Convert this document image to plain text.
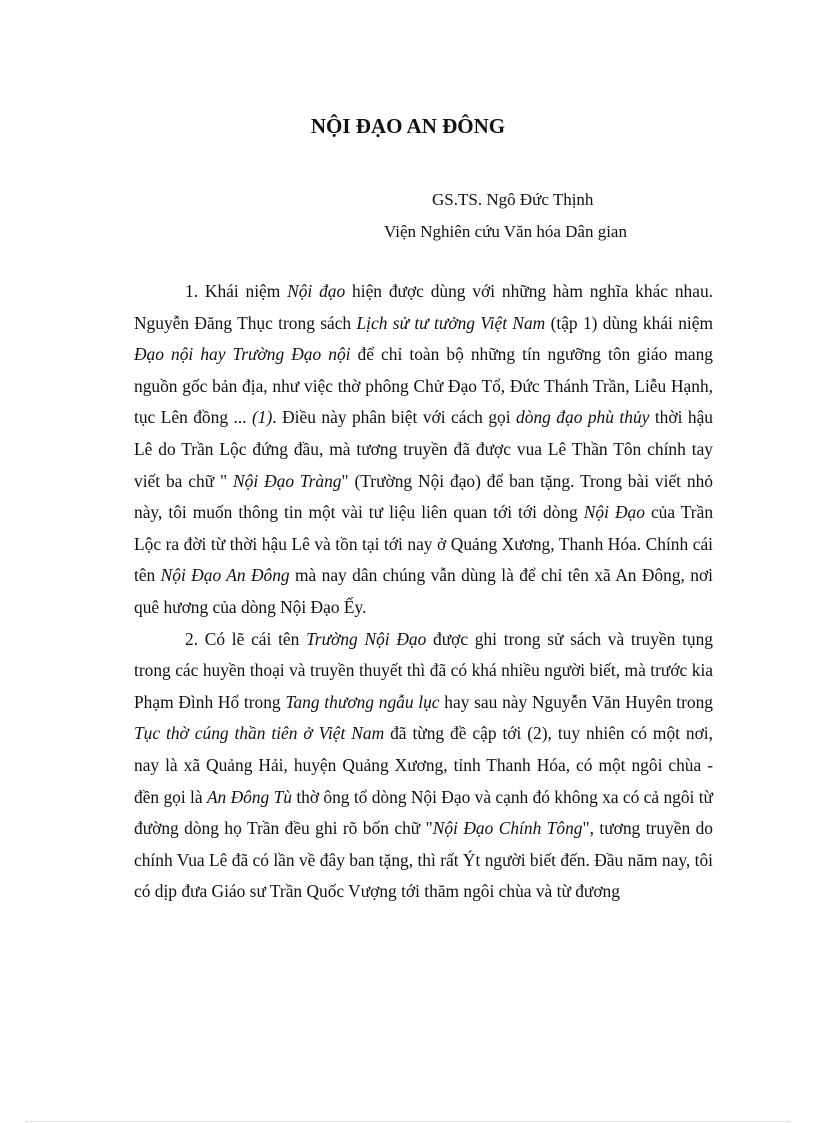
NỘI ĐẠO AN ĐÔNG
GS.TS. Ngô Đức Thịnh
Viện Nghiên cứu Văn hóa Dân gian

1. Khái niệm Nội đạo hiện được dùng với những hàm nghĩa khác nhau. Nguyễn Đăng Thục trong sách Lịch sử tư tưởng Việt Nam (tập 1) dùng khái niệm Đạo nội hay Trường Đạo nội để chỉ toàn bộ những tín ngưỡng tôn giáo mang nguồn gốc bản địa, như việc thờ phông Chử Đạo Tổ, Đức Thánh Trần, Liễu Hạnh, tục Lên đồng ... (1). Điều này phân biệt với cách gọi dòng đạo phù thủy thời hậu Lê do Trần Lộc đứng đầu, mà tương truyền đã được vua Lê Thần Tôn chính tay viết ba chữ " Nội Đạo Tràng" (Trường Nội đạo) để ban tặng. Trong bài viết nhỏ này, tôi muốn thông tin một vài tư liệu liên quan tới tới dòng Nội Đạo của Trần Lộc ra đời từ thời hậu Lê và tồn tại tới nay ở Quảng Xương, Thanh Hóa. Chính cái tên Nội Đạo An Đông mà nay dân chúng vẫn dùng là để chỉ tên xã An Đông, nơi quê hương của dòng Nội Đạo Ếy.

2. Có lẽ cái tên Trường Nội Đạo được ghi trong sử sách và truyền tụng trong các huyền thoại và truyền thuyết thì đã có khá nhiều người biết, mà trước kia Phạm Đình Hổ trong Tang thương ngẫu lục hay sau này Nguyễn Văn Huyên trong Tục thờ cúng thần tiên ở Việt Nam đã từng đề cập tới (2), tuy nhiên có một nơi, nay là xã Quảng Hải, huyện Quảng Xương, tỉnh Thanh Hóa, có một ngôi chùa - đền gọi là An Đông Tù thờ ông tổ dòng Nội Đạo và cạnh đó không xa có cả ngôi từ đường dòng họ Trần đều ghi rõ bốn chữ "Nội Đạo Chính Tông", tương truyền do chính Vua Lê đã có lần về đây ban tặng, thì rất Ýt người biết đến. Đầu năm nay, tôi có dịp đưa Giáo sư Trần Quốc Vượng tới thăm ngôi chùa và từ đương
